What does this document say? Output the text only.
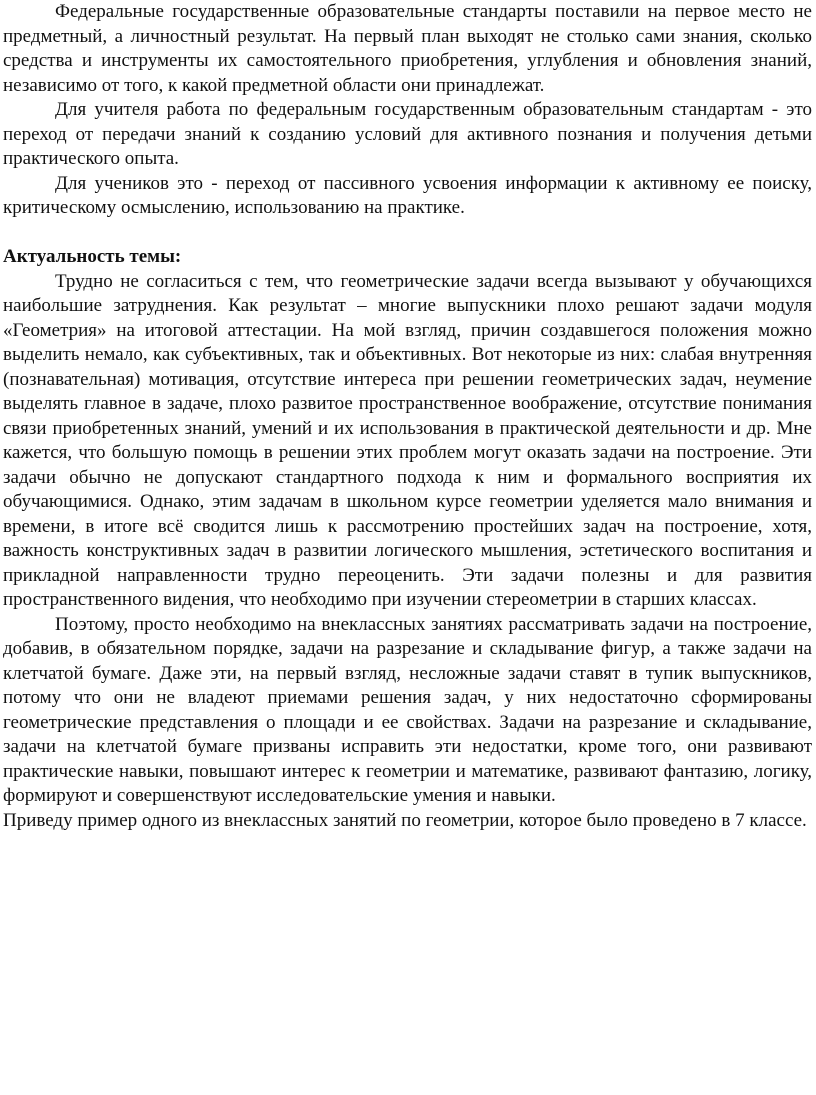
Федеральные государственные образовательные стандарты поставили на первое место не предметный, а личностный результат. На первый план выходят не столько сами знания, сколько средства и инструменты их самостоятельного приобретения, углубления и обновления знаний, независимо от того, к какой предметной области они принадлежат.

Для учителя работа по федеральным государственным образовательным стандартам - это переход от передачи знаний к созданию условий для активного познания и получения детьми практического опыта.

Для учеников это - переход от пассивного усвоения информации к активному ее поиску, критическому осмыслению, использованию на практике.

Актуальность темы:

Трудно не согласиться с тем, что геометрические задачи всегда вызывают у обучающихся наибольшие затруднения. Как результат – многие выпускники плохо решают задачи модуля «Геометрия» на итоговой аттестации. На мой взгляд, причин создавшегося положения можно выделить немало, как субъективных, так и объективных. Вот некоторые из них: слабая внутренняя (познавательная) мотивация, отсутствие интереса при решении геометрических задач, неумение выделять главное в задаче, плохо развитое пространственное воображение, отсутствие понимания связи приобретенных знаний, умений и их использования в практической деятельности и др. Мне кажется, что большую помощь в решении этих проблем могут оказать задачи на построение. Эти задачи обычно не допускают стандартного подхода к ним и формального восприятия их обучающимися. Однако, этим задачам в школьном курсе геометрии уделяется мало внимания и времени, в итоге всё сводится лишь к рассмотрению простейших задач на построение, хотя, важность конструктивных задач в развитии логического мышления, эстетического воспитания и прикладной направленности трудно переоценить. Эти задачи полезны и для развития пространственного видения, что необходимо при изучении стереометрии в старших классах.

Поэтому, просто необходимо на внеклассных занятиях рассматривать задачи на построение, добавив, в обязательном порядке, задачи на разрезание и складывание фигур, а также задачи на клетчатой бумаге. Даже эти, на первый взгляд, несложные задачи ставят в тупик выпускников, потому что они не владеют приемами решения задач, у них недостаточно сформированы геометрические представления о площади и ее свойствах. Задачи на разрезание и складывание, задачи на клетчатой бумаге призваны исправить эти недостатки, кроме того, они развивают практические навыки, повышают интерес к геометрии и математике, развивают фантазию, логику, формируют и совершенствуют исследовательские умения и навыки.

Приведу пример одного из внеклассных занятий по геометрии, которое было проведено в 7 классе.
